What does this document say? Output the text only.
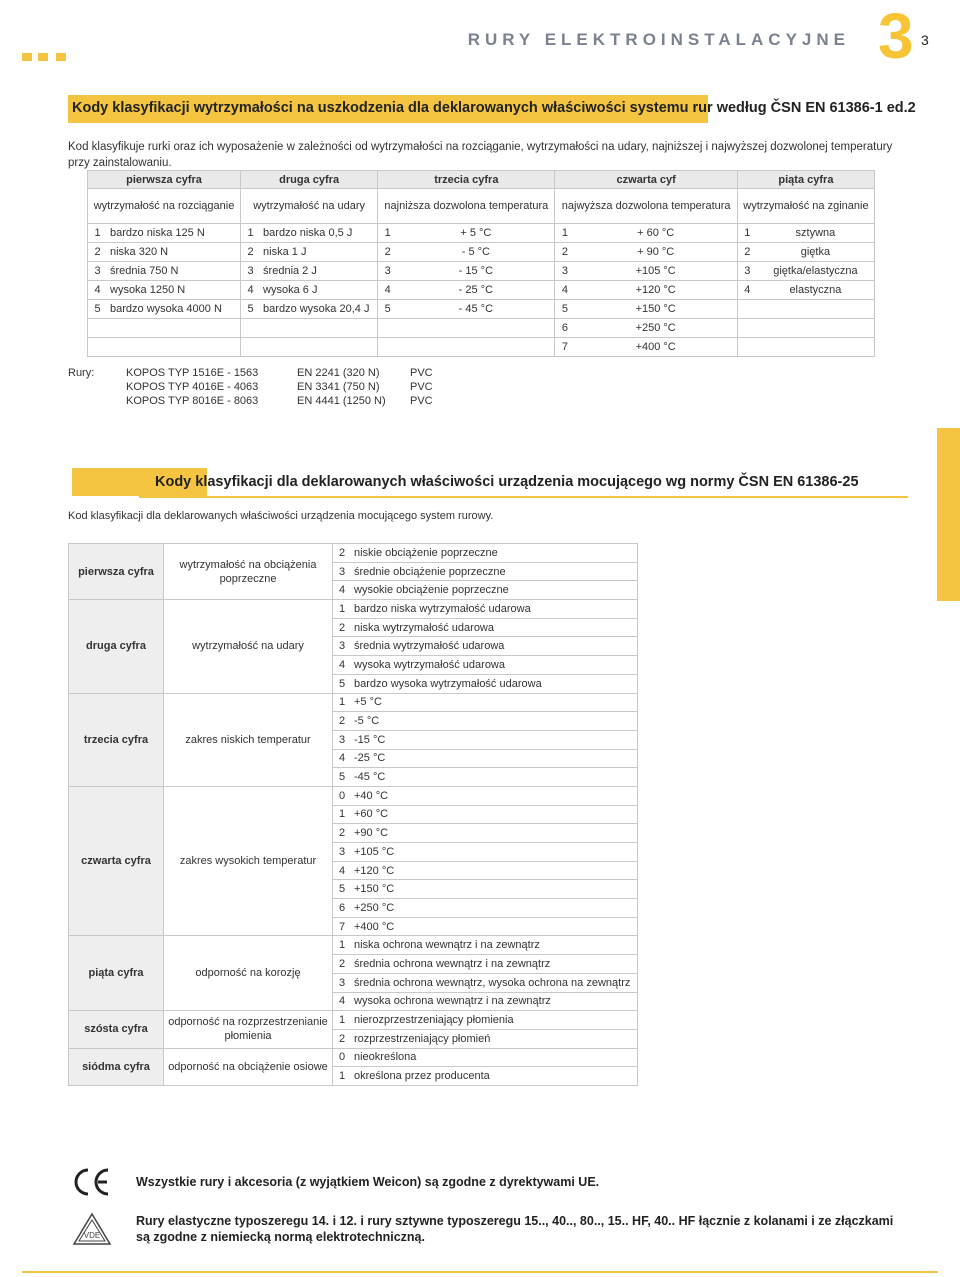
RURY ELEKTROINSTALACYJNE 3 3
Kody klasyfikacji wytrzymałości na uszkodzenia dla deklarowanych właściwości systemu rur według ČSN EN 61386-1 ed.2
Kod klasyfikuje rurki oraz ich wyposażenie w zależności od wytrzymałości na rozciąganie, wytrzymałości na udary, najniższej i najwyższej dozwolonej temperatury przy zainstalowaniu.
pierwsza cyfra		druga cyfra		trzecia cyfra		czwarta cyf		piąta cyfra	
wytrzymałość na rozciąganie		wytrzymałość na udary		najniższa dozwolona temperatura		najwyższa dozwolona temperatura		wytrzymałość na zginanie	
1	bardzo niska 125 N	1	bardzo niska 0,5 J	1	+ 5 °C	1	+ 60 °C	1	sztywna
2	niska 320 N	2	niska 1 J	2	- 5 °C	2	+ 90 °C	2	giętka
3	średnia 750 N	3	średnia 2 J	3	- 15 °C	3	+105 °C	3	giętka/elastyczna
4	wysoka 1250 N	4	wysoka 6 J	4	- 25 °C	4	+120 °C	4	elastyczna
5	bardzo wysoka 4000 N	5	bardzo wysoka 20,4 J	5	- 45 °C	5	+150 °C		
						6	+250 °C		
						7	+400 °C		
Rury:	KOPOS TYP 1516E - 1563	EN 2241 (320 N)	PVC
KOPOS TYP 4016E - 4063	EN 3341 (750 N)	PVC
KOPOS TYP 8016E - 8063	EN 4441 (1250 N) PVC
Kody klasyfikacji dla deklarowanych właściwości urządzenia mocującego wg normy ČSN EN 61386-25
Kod klasyfikacji dla deklarowanych właściwości urządzenia mocującego system rurowy.
pierwsza cyfra	wytrzymałość na obciążenia poprzeczne	2	niskie obciążenie poprzeczne
		3	średnie obciążenie poprzeczne
		4	wysokie obciążenie poprzeczne
druga cyfra	wytrzymałość na udary	1	bardzo niska wytrzymałość udarowa
		2	niska wytrzymałość udarowa
		3	średnia wytrzymałość udarowa
		4	wysoka wytrzymałość udarowa
		5	bardzo wysoka wytrzymałość udarowa
trzecia cyfra	zakres niskich temperatur	1	+5 °C
		2	-5 °C
		3	-15 °C
		4	-25 °C
		5	-45 °C
czwarta cyfra	zakres wysokich temperatur	0	+40 °C
		1	+60 °C
		2	+90 °C
		3	+105 °C
		4	+120 °C
		5	+150 °C
		6	+250 °C
		7	+400 °C
piąta cyfra	odporność na korozję	1	niska ochrona wewnątrz i na zewnątrz
		2	średnia ochrona wewnątrz i na zewnątrz
		3	średnia ochrona wewnątrz, wysoka ochrona na zewnątrz
		4	wysoka ochrona wewnątrz i na zewnątrz
szósta cyfra	odporność na rozprzestrzenianie płomienia	1	nierozprzestrzeniający płomienia
		2	rozprzestrzeniający płomień
siódma cyfra	odporność na obciążenie osiowe	0	nieokreślona
		1	określona przez producenta
VDE
Wszystkie rury i akcesoria (z wyjątkiem Weicon) są zgodne z dyrektywami UE.
Rury elastyczne typoszeregu 14. i 12. i rury sztywne typoszeregu 15.., 40.., 80.., 15.. HF, 40.. HF łącznie z kolanami i ze złączkami są zgodne z niemiecką normą elektrotechniczną.
